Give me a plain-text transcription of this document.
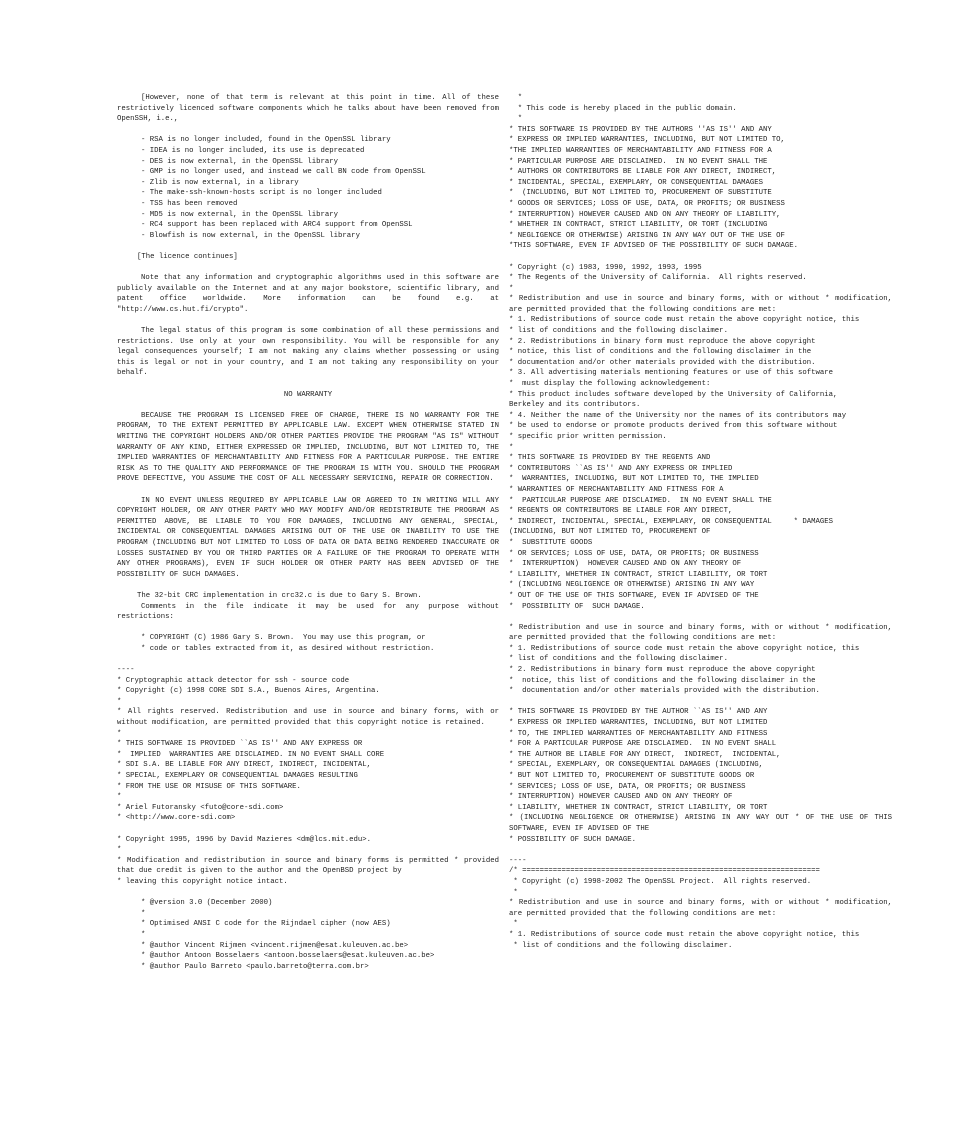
[However, none of that term is relevant at this point in time. All of these restrictively licenced software components which he talks about have been removed from OpenSSH, i.e.,
- RSA is no longer included, found in the OpenSSL library
- IDEA is no longer included, its use is deprecated
- DES is now external, in the OpenSSL library
- GMP is no longer used, and instead we call BN code from OpenSSL
- Zlib is now external, in a library
- The make-ssh-known-hosts script is no longer included
- TSS has been removed
- MD5 is now external, in the OpenSSL library
- RC4 support has been replaced with ARC4 support from OpenSSL
- Blowfish is now external, in the OpenSSL library
[The licence continues]
Note that any information and cryptographic algorithms used in this software are publicly available on the Internet and at any major bookstore, scientific library, and patent office worldwide. More information can be found e.g. at "http://www.cs.hut.fi/crypto".
The legal status of this program is some combination of all these permissions and restrictions. Use only at your own responsibility. You will be responsible for any legal consequences yourself; I am not making any claims whether possessing or using this is legal or not in your country, and I am not taking any responsibility on your behalf.
NO WARRANTY
BECAUSE THE PROGRAM IS LICENSED FREE OF CHARGE, THERE IS NO WARRANTY FOR THE PROGRAM, TO THE EXTENT PERMITTED BY APPLICABLE LAW. EXCEPT WHEN OTHERWISE STATED IN WRITING THE COPYRIGHT HOLDERS AND/OR OTHER PARTIES PROVIDE THE PROGRAM "AS IS" WITHOUT WARRANTY OF ANY KIND, EITHER EXPRESSED OR IMPLIED, INCLUDING, BUT NOT LIMITED TO, THE IMPLIED WARRANTIES OF MERCHANTABILITY AND FITNESS FOR A PARTICULAR PURPOSE. THE ENTIRE RISK AS TO THE QUALITY AND PERFORMANCE OF THE PROGRAM IS WITH YOU. SHOULD THE PROGRAM PROVE DEFECTIVE, YOU ASSUME THE COST OF ALL NECESSARY SERVICING, REPAIR OR CORRECTION.
IN NO EVENT UNLESS REQUIRED BY APPLICABLE LAW OR AGREED TO IN WRITING WILL ANY COPYRIGHT HOLDER, OR ANY OTHER PARTY WHO MAY MODIFY AND/OR REDISTRIBUTE THE PROGRAM AS PERMITTED ABOVE, BE LIABLE TO YOU FOR DAMAGES, INCLUDING ANY GENERAL, SPECIAL, INCIDENTAL OR CONSEQUENTIAL DAMAGES ARISING OUT OF THE USE OR INABILITY TO USE THE PROGRAM (INCLUDING BUT NOT LIMITED TO LOSS OF DATA OR DATA BEING RENDERED INACCURATE OR LOSSES SUSTAINED BY YOU OR THIRD PARTIES OR A FAILURE OF THE PROGRAM TO OPERATE WITH ANY OTHER PROGRAMS), EVEN IF SUCH HOLDER OR OTHER PARTY HAS BEEN ADVISED OF THE POSSIBILITY OF SUCH DAMAGES.
The 32-bit CRC implementation in crc32.c is due to Gary S. Brown.
Comments in the file indicate it may be used for any purpose without restrictions:
* COPYRIGHT (C) 1986 Gary S. Brown.  You may use this program, or
* code or tables extracted from it, as desired without restriction.
----
* Cryptographic attack detector for ssh - source code
* Copyright (c) 1998 CORE SDI S.A., Buenos Aires, Argentina.
*
* All rights reserved. Redistribution and use in source and binary forms, with or without modification, are permitted provided that this copyright notice is retained.
*
* THIS SOFTWARE IS PROVIDED ``AS IS'' AND ANY EXPRESS OR
*  IMPLIED  WARRANTIES ARE DISCLAIMED. IN NO EVENT SHALL CORE
* SDI S.A. BE LIABLE FOR ANY DIRECT, INDIRECT, INCIDENTAL,
* SPECIAL, EXEMPLARY OR CONSEQUENTIAL DAMAGES RESULTING
* FROM THE USE OR MISUSE OF THIS SOFTWARE.
*
* Ariel Futoransky <futo@core-sdi.com>
* <http://www.core-sdi.com>
* Copyright 1995, 1996 by David Mazieres <dm@lcs.mit.edu>.
*
* Modification and redistribution in source and binary forms is permitted * provided that due credit is given to the author and the OpenBSD project by
* leaving this copyright notice intact.
* @version 3.0 (December 2000)
*
* Optimised ANSI C code for the Rijndael cipher (now AES)
*
* @author Vincent Rijmen <vincent.rijmen@esat.kuleuven.ac.be>
* @author Antoon Bosselaers <antoon.bosselaers@esat.kuleuven.ac.be>
* @author Paulo Barreto <paulo.barreto@terra.com.br>
*
* This code is hereby placed in the public domain.
*
* THIS SOFTWARE IS PROVIDED BY THE AUTHORS ''AS IS'' AND ANY
* EXPRESS OR IMPLIED WARRANTIES, INCLUDING, BUT NOT LIMITED TO,
*THE IMPLIED WARRANTIES OF MERCHANTABILITY AND FITNESS FOR A
* PARTICULAR PURPOSE ARE DISCLAIMED.  IN NO EVENT SHALL THE
* AUTHORS OR CONTRIBUTORS BE LIABLE FOR ANY DIRECT, INDIRECT,
* INCIDENTAL, SPECIAL, EXEMPLARY, OR CONSEQUENTIAL DAMAGES
*  (INCLUDING, BUT NOT LIMITED TO, PROCUREMENT OF SUBSTITUTE
* GOODS OR SERVICES; LOSS OF USE, DATA, OR PROFITS; OR BUSINESS
* INTERRUPTION) HOWEVER CAUSED AND ON ANY THEORY OF LIABILITY,
* WHETHER IN CONTRACT, STRICT LIABILITY, OR TORT (INCLUDING
* NEGLIGENCE OR OTHERWISE) ARISING IN ANY WAY OUT OF THE USE OF
*THIS SOFTWARE, EVEN IF ADVISED OF THE POSSIBILITY OF SUCH DAMAGE.
* Copyright (c) 1983, 1990, 1992, 1993, 1995
* The Regents of the University of California.  All rights reserved.
*
* Redistribution and use in source and binary forms, with or without * modification, are permitted provided that the following conditions are met:
* 1. Redistributions of source code must retain the above copyright notice, this
* list of conditions and the following disclaimer.
* 2. Redistributions in binary form must reproduce the above copyright
* notice, this list of conditions and the following disclaimer in the
* documentation and/or other materials provided with the distribution.
* 3. All advertising materials mentioning features or use of this software
*  must display the following acknowledgement:
* This product includes software developed by the University of California,
Berkeley and its contributors.
* 4. Neither the name of the University nor the names of its contributors may
* be used to endorse or promote products derived from this software without
* specific prior written permission.
*
* THIS SOFTWARE IS PROVIDED BY THE REGENTS AND
* CONTRIBUTORS ``AS IS'' AND ANY EXPRESS OR IMPLIED
*  WARRANTIES, INCLUDING, BUT NOT LIMITED TO, THE IMPLIED
* WARRANTIES OF MERCHANTABILITY AND FITNESS FOR A
*  PARTICULAR PURPOSE ARE DISCLAIMED.  IN NO EVENT SHALL THE
* REGENTS OR CONTRIBUTORS BE LIABLE FOR ANY DIRECT,
* INDIRECT, INCIDENTAL, SPECIAL, EXEMPLARY, OR CONSEQUENTIAL     * DAMAGES
(INCLUDING, BUT NOT LIMITED TO, PROCUREMENT OF
*  SUBSTITUTE GOODS
* OR SERVICES; LOSS OF USE, DATA, OR PROFITS; OR BUSINESS
*  INTERRUPTION)  HOWEVER CAUSED AND ON ANY THEORY OF
* LIABILITY, WHETHER IN CONTRACT, STRICT LIABILITY, OR TORT
* (INCLUDING NEGLIGENCE OR OTHERWISE) ARISING IN ANY WAY
* OUT OF THE USE OF THIS SOFTWARE, EVEN IF ADVISED OF THE
*  POSSIBILITY OF  SUCH DAMAGE.
* Redistribution and use in source and binary forms, with or without * modification, are permitted provided that the following conditions are met:
* 1. Redistributions of source code must retain the above copyright notice, this
* list of conditions and the following disclaimer.
* 2. Redistributions in binary form must reproduce the above copyright
*  notice, this list of conditions and the following disclaimer in the
*  documentation and/or other materials provided with the distribution.
* THIS SOFTWARE IS PROVIDED BY THE AUTHOR ``AS IS'' AND ANY
* EXPRESS OR IMPLIED WARRANTIES, INCLUDING, BUT NOT LIMITED
* TO, THE IMPLIED WARRANTIES OF MERCHANTABILITY AND FITNESS
* FOR A PARTICULAR PURPOSE ARE DISCLAIMED.  IN NO EVENT SHALL
* THE AUTHOR BE LIABLE FOR ANY DIRECT,  INDIRECT,  INCIDENTAL,
* SPECIAL, EXEMPLARY, OR CONSEQUENTIAL DAMAGES (INCLUDING,
* BUT NOT LIMITED TO, PROCUREMENT OF SUBSTITUTE GOODS OR
* SERVICES; LOSS OF USE, DATA, OR PROFITS; OR BUSINESS
* INTERRUPTION) HOWEVER CAUSED AND ON ANY THEORY OF
* LIABILITY, WHETHER IN CONTRACT, STRICT LIABILITY, OR TORT
* (INCLUDING NEGLIGENCE OR OTHERWISE) ARISING IN ANY WAY OUT * OF THE USE OF THIS SOFTWARE, EVEN IF ADVISED OF THE
* POSSIBILITY OF SUCH DAMAGE.
----
/* ====================================================================
* Copyright (c) 1998-2002 The OpenSSL Project.  All rights reserved.
*
* Redistribution and use in source and binary forms, with or without * modification, are permitted provided that the following conditions are met:
*
* 1. Redistributions of source code must retain the above copyright notice, this
* list of conditions and the following disclaimer.
